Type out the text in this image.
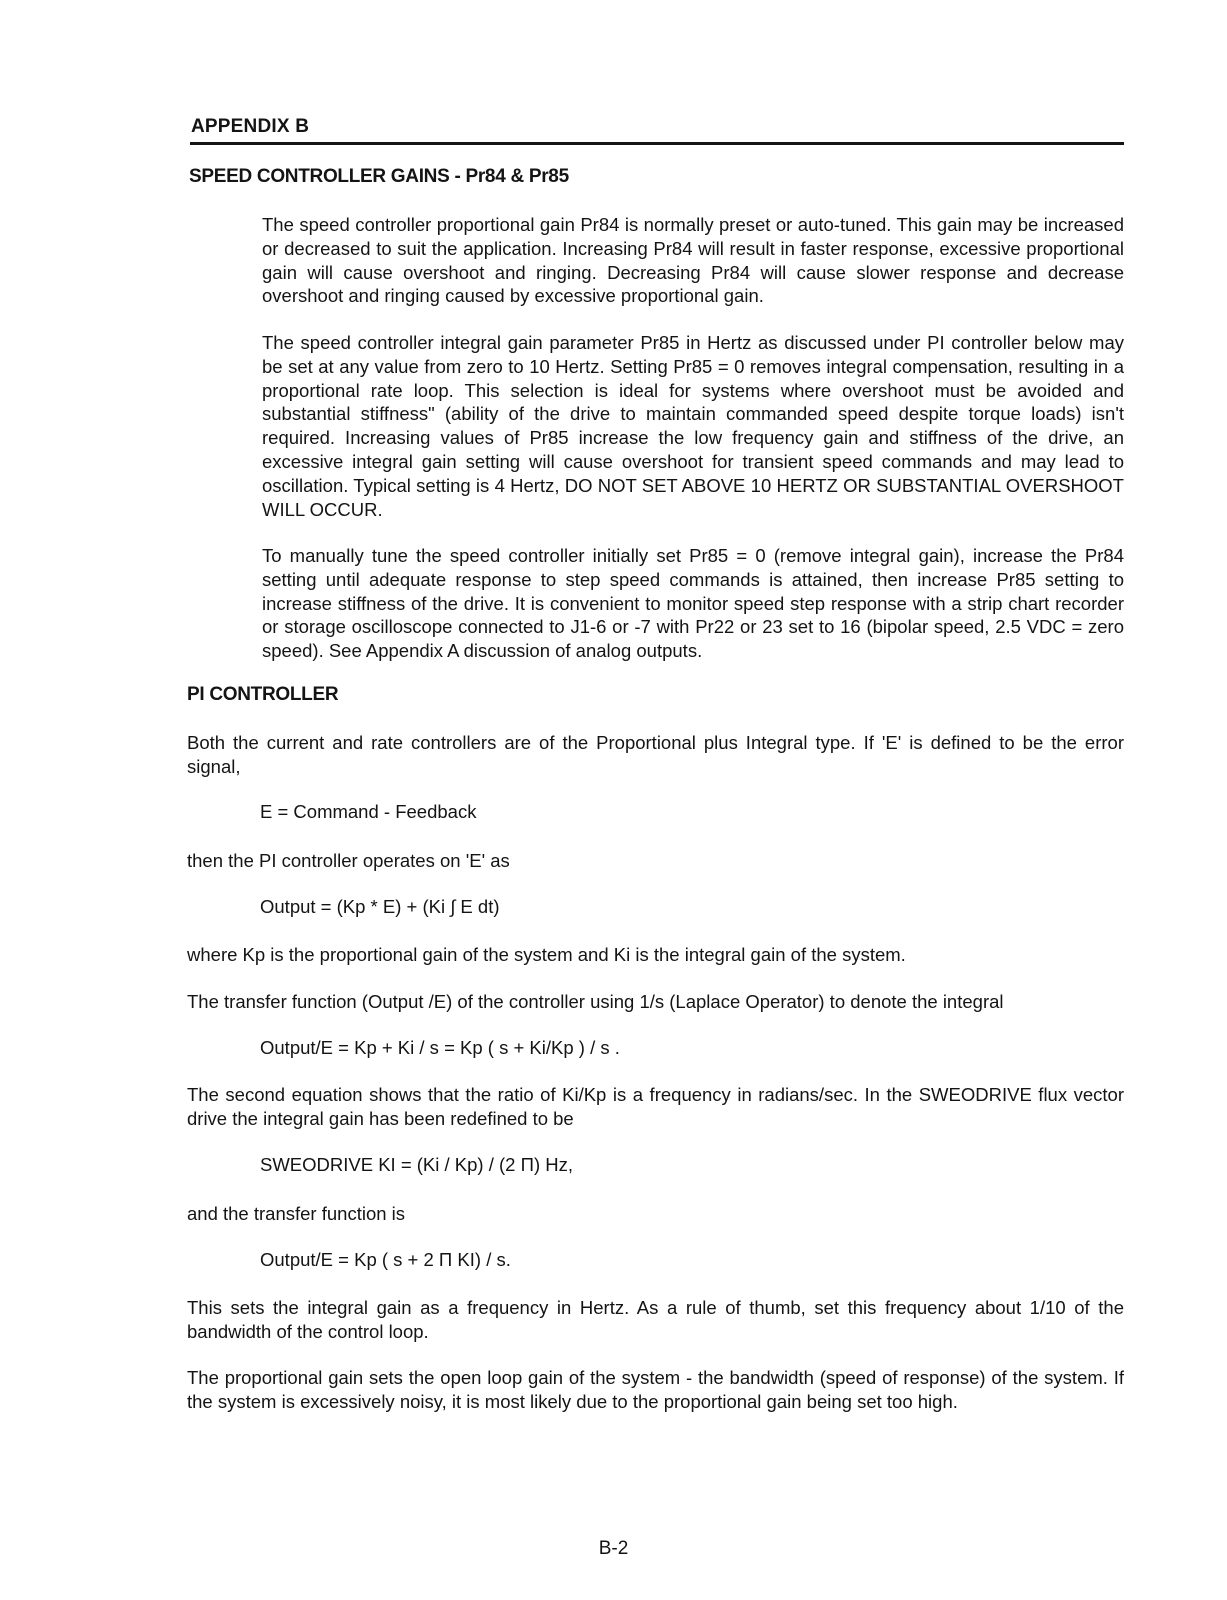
APPENDIX B
SPEED CONTROLLER GAINS - Pr84 & Pr85

The speed controller proportional gain Pr84 is normally preset or auto-tuned. This gain may be increased or decreased to suit the application. Increasing Pr84 will result in faster response, excessive proportional gain will cause overshoot and ringing. Decreasing Pr84 will cause slower response and decrease overshoot and ringing caused by excessive proportional gain.

The speed controller integral gain parameter Pr85 in Hertz as discussed under PI controller below may be set at any value from zero to 10 Hertz. Setting Pr85 = 0 removes integral compensation, resulting in a proportional rate loop. This selection is ideal for systems where overshoot must be avoided and substantial stiffness" (ability of the drive to maintain commanded speed despite torque loads) isn't required. Increasing values of Pr85 increase the low frequency gain and stiffness of the drive, an excessive integral gain setting will cause overshoot for transient speed commands and may lead to oscillation. Typical setting is 4 Hertz, DO NOT SET ABOVE 10 HERTZ OR SUBSTANTIAL OVERSHOOT WILL OCCUR.

To manually tune the speed controller initially set Pr85 = 0 (remove integral gain), increase the Pr84 setting until adequate response to step speed commands is attained, then increase Pr85 setting to increase stiffness of the drive. It is convenient to monitor speed step response with a strip chart recorder or storage oscilloscope connected to J1-6 or -7 with Pr22 or 23 set to 16 (bipolar speed, 2.5 VDC = zero speed). See Appendix A discussion of analog outputs.

PI CONTROLLER

Both the current and rate controllers are of the Proportional plus Integral type. If 'E' is defined to be the error signal,

E = Command - Feedback

then the PI controller operates on 'E' as

Output = (Kp * E) + (Ki ∫ E dt)

where Kp is the proportional gain of the system and Ki is the integral gain of the system.

The transfer function (Output /E) of the controller using 1/s (Laplace Operator) to denote the integral

Output/E = Kp + Ki / s = Kp ( s + Ki/Kp ) / s .

The second equation shows that the ratio of Ki/Kp is a frequency in radians/sec. In the SWEODRIVE flux vector drive the integral gain has been redefined to be

SWEODRIVE KI = (Ki / Kp) / (2 Π) Hz,

and the transfer function is

Output/E = Kp ( s + 2 Π KI) / s.

This sets the integral gain as a frequency in Hertz. As a rule of thumb, set this frequency about 1/10 of the bandwidth of the control loop.

The proportional gain sets the open loop gain of the system - the bandwidth (speed of response) of the system. If the system is excessively noisy, it is most likely due to the proportional gain being set too high.

B-2
